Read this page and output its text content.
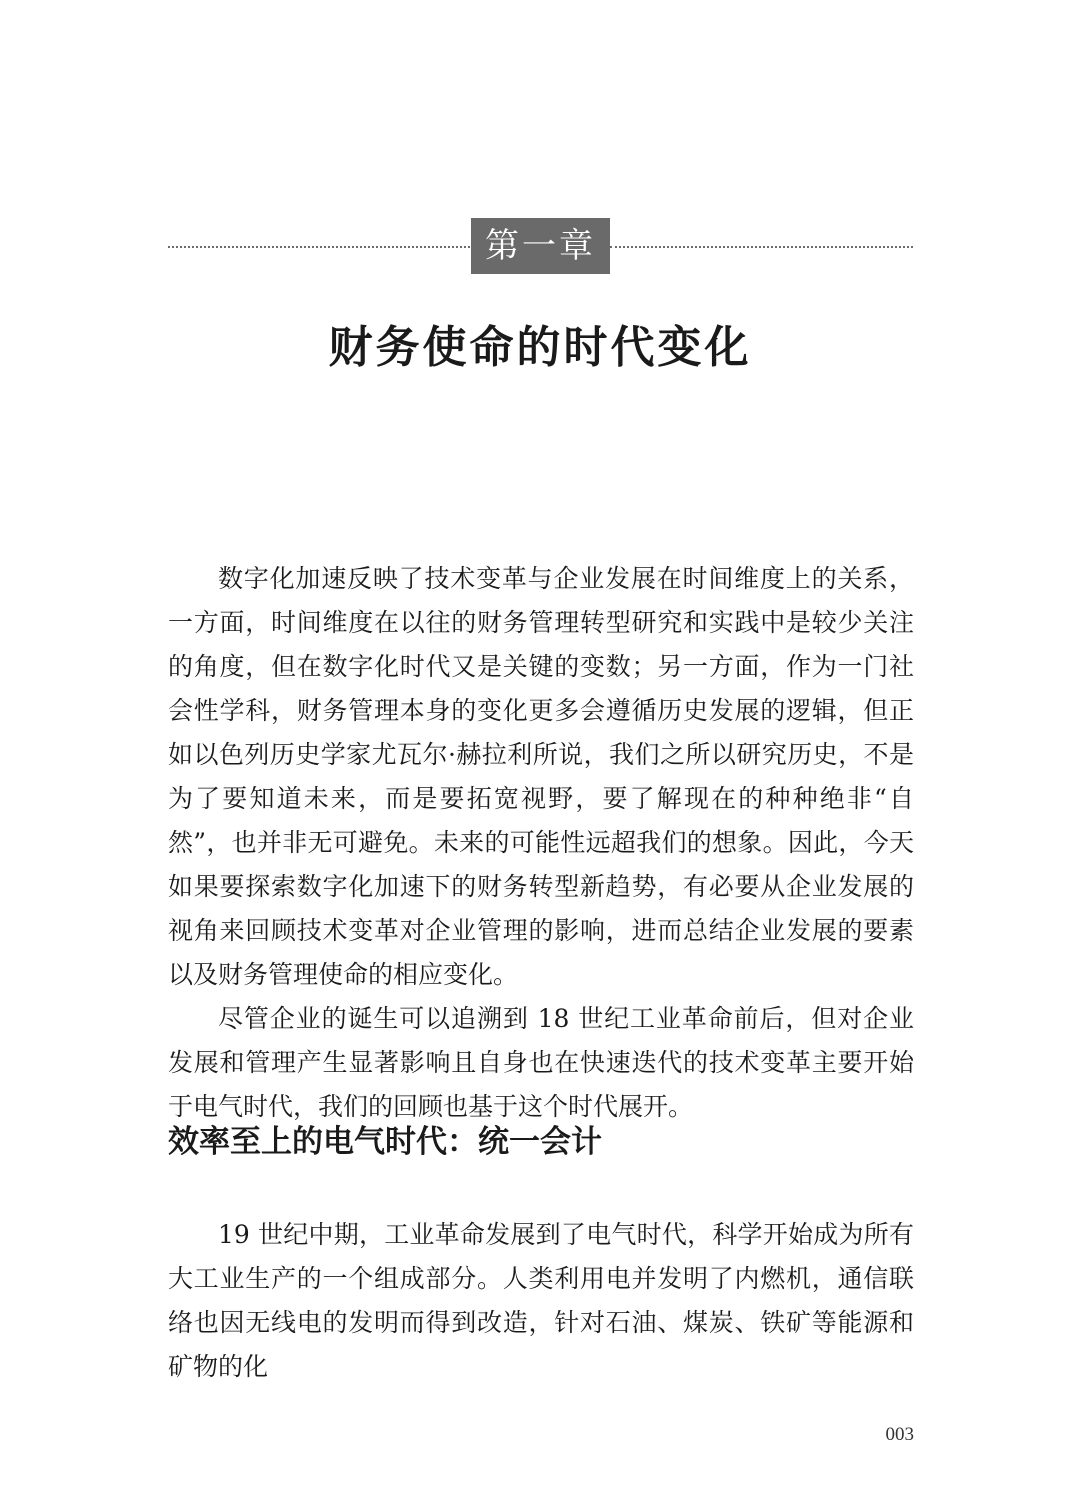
第一章
财务使命的时代变化

数字化加速反映了技术变革与企业发展在时间维度上的关系，一方面，时间维度在以往的财务管理转型研究和实践中是较少关注的角度，但在数字化时代又是关键的变数；另一方面，作为一门社会性学科，财务管理本身的变化更多会遵循历史发展的逻辑，但正如以色列历史学家尤瓦尔·赫拉利所说，我们之所以研究历史，不是为了要知道未来，而是要拓宽视野，要了解现在的种种绝非“自然”，也并非无可避免。未来的可能性远超我们的想象。因此，今天如果要探索数字化加速下的财务转型新趋势，有必要从企业发展的视角来回顾技术变革对企业管理的影响，进而总结企业发展的要素以及财务管理使命的相应变化。

尽管企业的诞生可以追溯到 18 世纪工业革命前后，但对企业发展和管理产生显著影响且自身也在快速迭代的技术变革主要开始于电气时代，我们的回顾也基于这个时代展开。

效率至上的电气时代：统一会计

19 世纪中期，工业革命发展到了电气时代，科学开始成为所有大工业生产的一个组成部分。人类利用电并发明了内燃机，通信联络也因无线电的发明而得到改造，针对石油、煤炭、铁矿等能源和矿物的化

003
